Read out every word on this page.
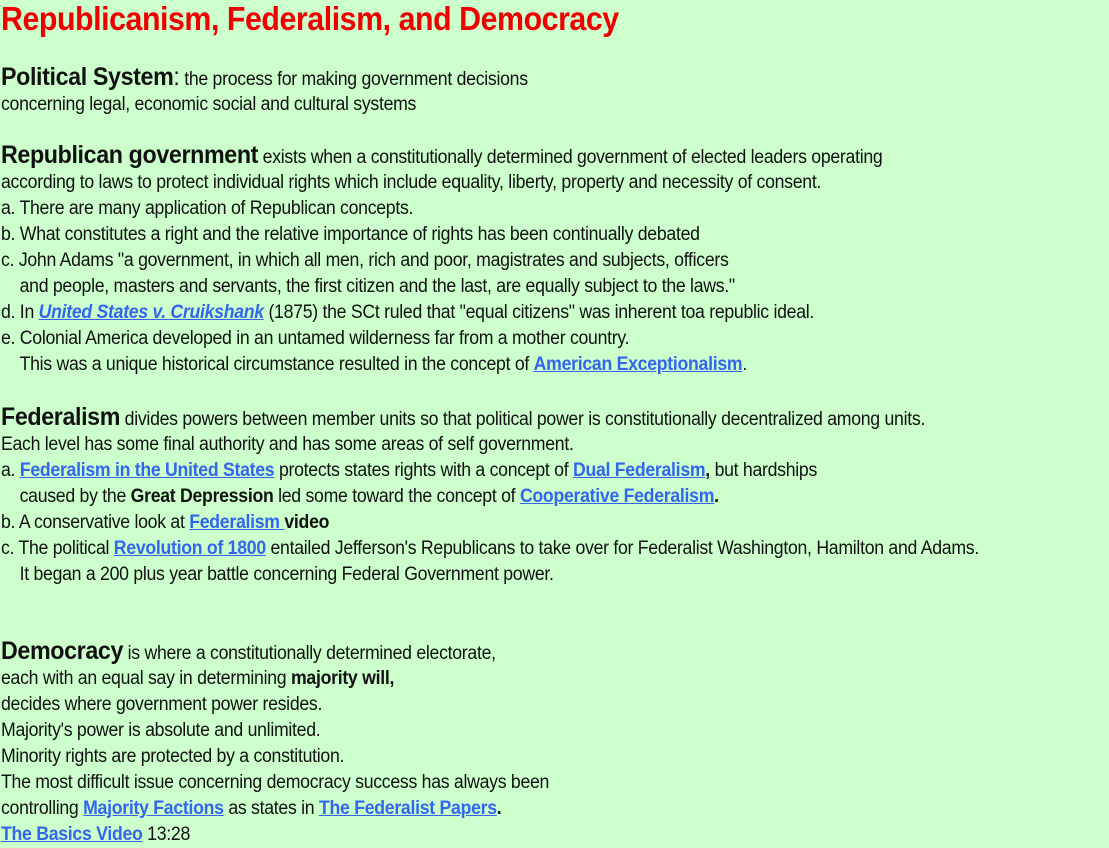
Republicanism, Federalism, and Democracy
Political System: the process for making government decisions
concerning legal, economic social and cultural systems
Republican government exists when a constitutionally determined government of elected leaders operating
according to laws to protect individual rights which include equality, liberty, property and necessity of consent.
a. There are many application of Republican concepts.
b. What constitutes a right and the relative importance of rights has been continually debated
c. John Adams "a government, in which all men, rich and poor, magistrates and subjects, officers
and people, masters and servants, the first citizen and the last, are equally subject to the laws."
d. In United States v. Cruikshank (1875) the SCt ruled that "equal citizens" was inherent toa republic ideal.
e. Colonial America developed in an untamed wilderness far from a mother country.
This was a unique historical circumstance resulted in the concept of American Exceptionalism.
Federalism divides powers between member units so that political power is constitutionally decentralized among units.
Each level has some final authority and has some areas of self government.
a. Federalism in the United States protects states rights with a concept of Dual Federalism, but hardships
caused by the Great Depression led some toward the concept of Cooperative Federalism.
b. A conservative look at Federalism video
c. The political Revolution of 1800 entailed Jefferson's Republicans to take over for Federalist Washington, Hamilton and Adams.
It began a 200 plus year battle concerning Federal Government power.
Democracy is where a constitutionally determined electorate,
each with an equal say in determining majority will,
decides where government power resides.
Majority's power is absolute and unlimited.
Minority rights are protected by a constitution.
The most difficult issue concerning democracy success has always been
controlling Majority Factions as states in The Federalist Papers.
The Basics Video 13:28
